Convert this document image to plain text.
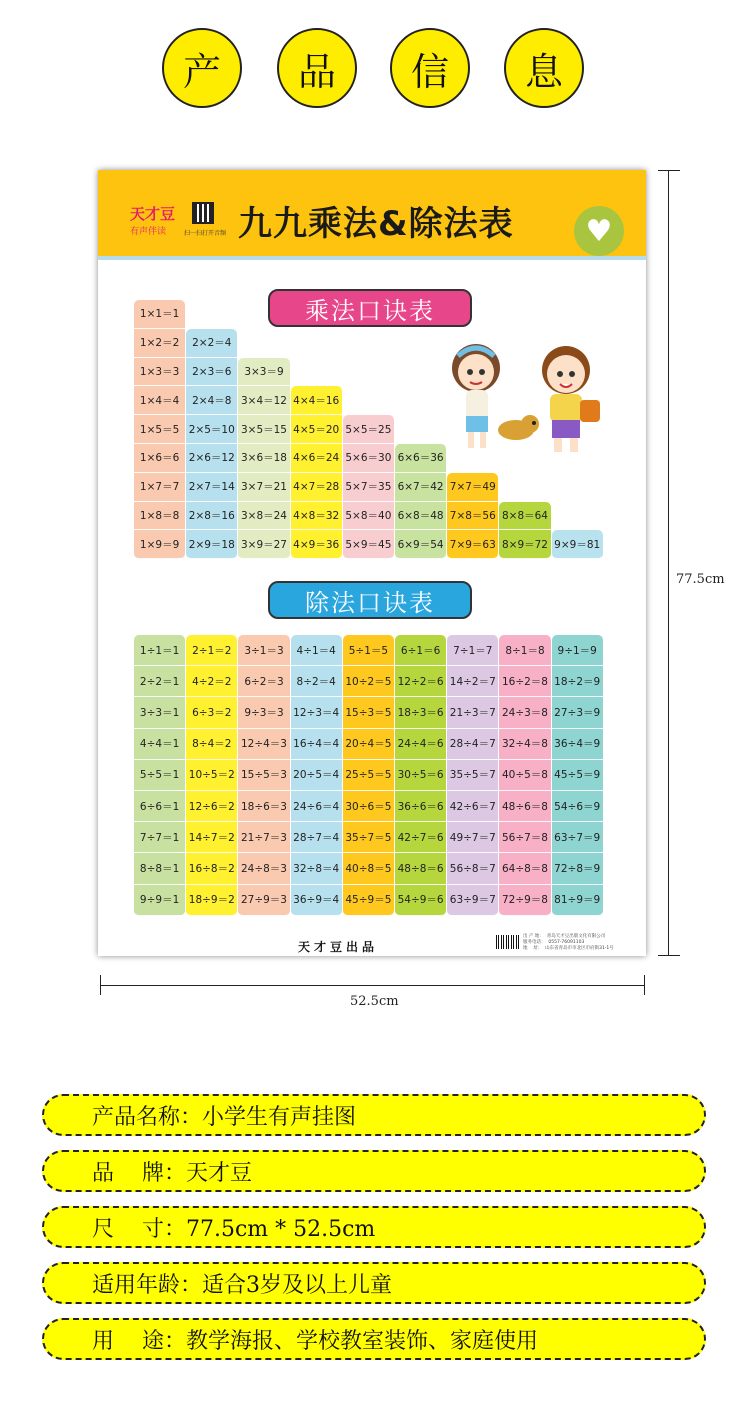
产	品	信	息
天才豆
有声伴读	扫一扫打开音频 九九乘法&除法表	♥
乘法口诀表
1×1＝1
1×2＝2	2×2＝4
1×3＝3	2×3＝6	3×3＝9
1×4＝4	2×4＝8 3×4＝12 4×4＝16
1×5＝5 2×5＝10 3×5＝15 4×5＝20 5×5＝25
1×6＝6 2×6＝12 3×6＝18 4×6＝24 5×6＝30 6×6＝36
1×7＝7 2×7＝14 3×7＝21 4×7＝28 5×7＝35 6×7＝42 7×7＝49
1×8＝8 2×8＝16 3×8＝24 4×8＝32 5×8＝40 6×8＝48 7×8＝56 8×8＝64
1×9＝9 2×9＝18 3×9＝27 4×9＝36 5×9＝45 6×9＝54 7×9＝63 8×9＝72 9×9＝81
除法口诀表
1÷1＝1	2÷1＝2	3÷1＝3	4÷1＝4	5÷1＝5	6÷1＝6	7÷1＝7	8÷1＝8	9÷1＝9
2÷2＝1	4÷2＝2	6÷2＝3	8÷2＝4 10÷2＝5 12÷2＝6 14÷2＝7 16÷2＝8 18÷2＝9
3÷3＝1	6÷3＝2	9÷3＝3 12÷3＝4 15÷3＝5 18÷3＝6 21÷3＝7 24÷3＝8 27÷3＝9
4÷4＝1	8÷4＝2 12÷4＝3 16÷4＝4 20÷4＝5 24÷4＝6 28÷4＝7 32÷4＝8 36÷4＝9
5÷5＝1 10÷5＝2 15÷5＝3 20÷5＝4 25÷5＝5 30÷5＝6 35÷5＝7 40÷5＝8 45÷5＝9
6÷6＝1 12÷6＝2 18÷6＝3 24÷6＝4 30÷6＝5 36÷6＝6 42÷6＝7 48÷6＝8 54÷6＝9
7÷7＝1 14÷7＝2 21÷7＝3 28÷7＝4 35÷7＝5 42÷7＝6 49÷7＝7 56÷7＝8 63÷7＝9
8÷8＝1 16÷8＝2 24÷8＝3 32÷8＝4 40÷8＝5 48÷8＝6 56÷8＝7 64÷8＝8 72÷8＝9
9÷9＝1 18÷9＝2 27÷9＝3 36÷9＝4 45÷9＝5 54÷9＝6 63÷9＝7 72÷9＝8 81÷9＝9
天才豆出品
出 产 地：  青岛天才豆出版文化有限公司
服务电话：  0557-76091103
地    址：  山东省青岛市市北区市府街31-1号
77.5cm
52.5cm
产品名称：小学生有声挂图
品    牌：天才豆
尺    寸：77.5cm * 52.5cm
适用年龄：适合3岁及以上儿童
用    途：教学海报、学校教室装饰、家庭使用
